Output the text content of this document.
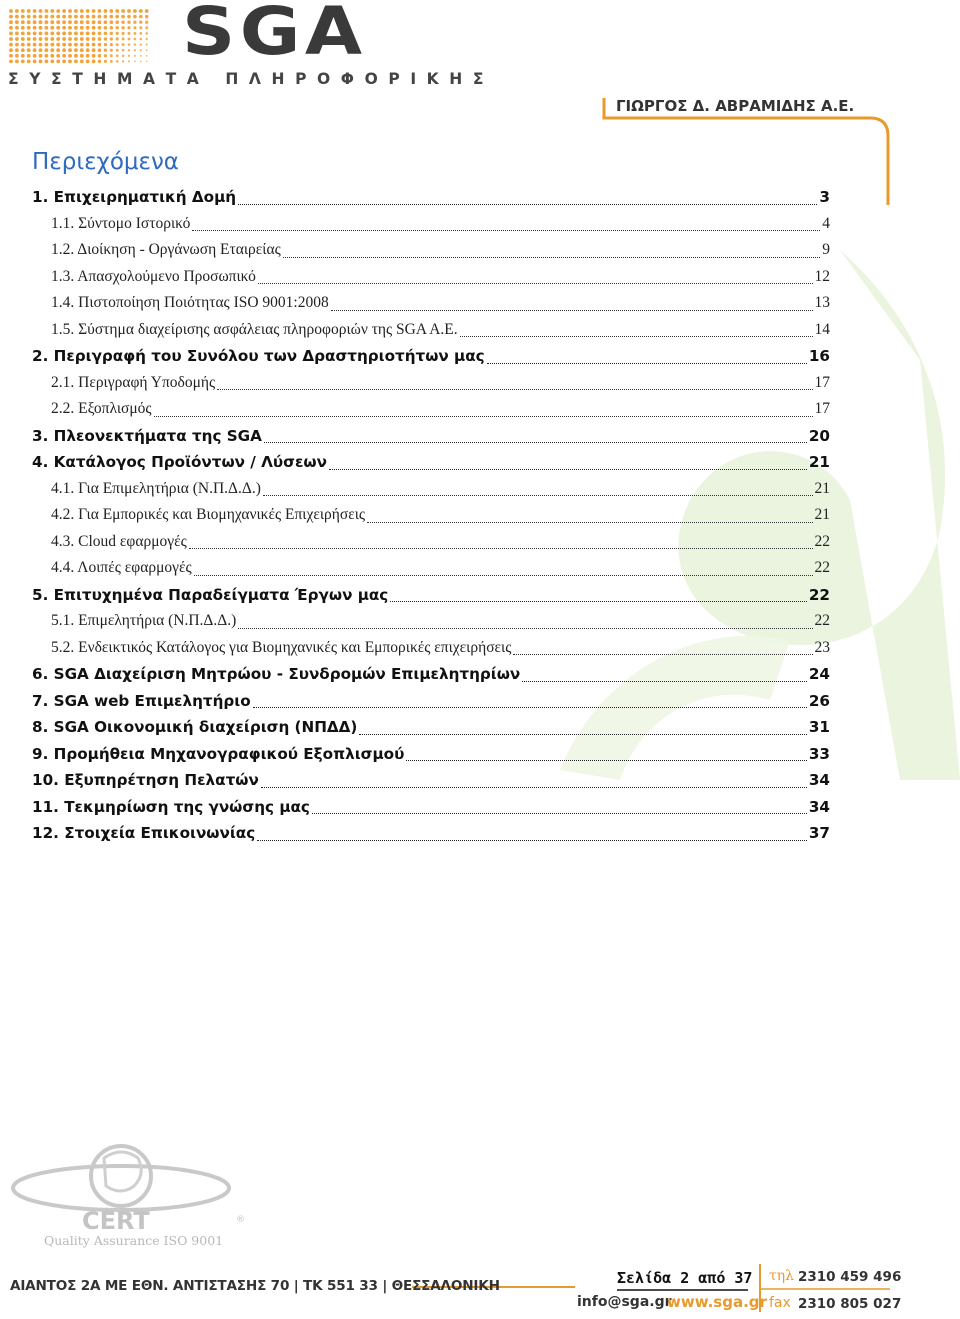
SGA
ΣΥΣΤΗΜΑΤΑ ΠΛΗΡΟΦΟΡΙΚΗΣ
ΓΙΩΡΓΟΣ Δ. ΑΒΡΑΜΙΔΗΣ Α.Ε.
Περιεχόμενα
1. Επιχειρηματική Δομή	3
1.1. Σύντομο Ιστορικό	4
1.2. Διοίκηση - Οργάνωση Εταιρείας	9
1.3. Απασχολούμενο Προσωπικό	12
1.4. Πιστοποίηση Ποιότητας ISO 9001:2008	13
1.5. Σύστημα διαχείρισης ασφάλειας πληροφοριών της SGA A.E.	14
2. Περιγραφή του Συνόλου των Δραστηριοτήτων μας	16
2.1. Περιγραφή Υποδομής	17
2.2. Εξοπλισμός	17
3. Πλεονεκτήματα της SGA	20
4. Κατάλογος Προϊόντων / Λύσεων	21
4.1. Για Επιμελητήρια (Ν.Π.Δ.Δ.)	21
4.2. Για Εμπορικές και Βιομηχανικές Επιχειρήσεις	21
4.3. Cloud εφαρμογές	22
4.4. Λοιπές εφαρμογές	22
5. Επιτυχημένα Παραδείγματα Έργων μας	22
5.1. Επιμελητήρια (Ν.Π.Δ.Δ.)	22
5.2. Ενδεικτικός Κατάλογος για Βιομηχανικές και Εμπορικές επιχειρήσεις	23
6. SGA Διαχείριση Μητρώου - Συνδρομών Επιμελητηρίων	24
7. SGA web Επιμελητήριο	26
8. SGA Οικονομική διαχείριση (ΝΠΔΔ)	31
9. Προμήθεια Μηχανογραφικού Εξοπλισμού	33
10. Εξυπηρέτηση Πελατών	34
11. Τεκμηρίωση της γνώσης μας	34
12. Στοιχεία Επικοινωνίας	37
CERT	®
Quality Assurance ISO 9001
Σελίδα 2 από 37
ΑΙΑΝΤΟΣ 2Α ΜΕ ΕΘΝ. ΑΝΤΙΣΤΑΣΗΣ 70 | ΤΚ 551 33 | ΘΕΣΣΑΛΟΝΙΚΗ
info@sga.gr
www.sga.gr
τηλ 2310 459 496
fax 2310 805 027
